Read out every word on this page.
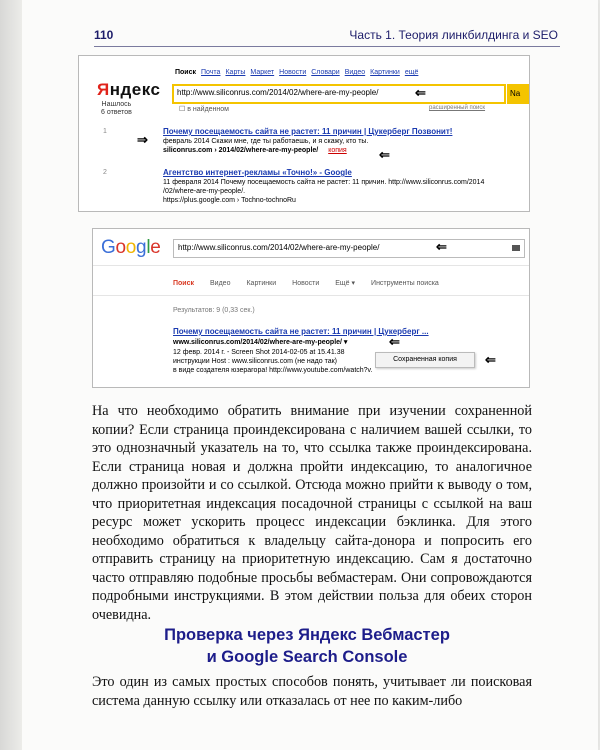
110	Часть 1. Теория линкбилдинга и SEO
Яндекс
Нашлось
6 ответов
Поиск Почта Карты Маркет Новости Словари Видео Картинки ещё
http://www.siliconrus.com/2014/02/where-are-my-people/	⇐	Na
☐ в найденном	расширенный поиск
1	Почему посещаемость сайта не растет: 11 причин | Цукерберг Позвонит!
февраль 2014 Скажи мне, где ты работаешь, и я скажу, кто ты.
siliconrus.com › 2014/02/where-are-my-people/ копия
⇒
⇐
2	Агентство интернет-рекламы «Точно!» - Google
11 февраля 2014 Почему посещаемость сайта не растет: 11 причин. http://www.siliconrus.com/2014
/02/where-are-my-people/.
https://plus.google.com › Tochno-tochnoRu
Google http://www.siliconrus.com/2014/02/where-are-my-people/	⇐
Поиск Видео Картинки Новости Ещё ▾ Инструменты поиска
Результатов: 9 (0,33 сек.)
Почему посещаемость сайта не растет: 11 причин | Цукерберг ...
www.siliconrus.com/2014/02/where-are-my-people/ ▾	⇐
12 февр. 2014 г. - Screen Shot 2014-02-05 at 15.41.38
инструкции Host : www.siliconrus.com (не надо так)
в виде создателя юзерагора! http://www.youtube.com/watch?v.
Сохраненная копия	⇐

На что необходимо обратить внимание при изучении сохраненной копии? Если страница проиндексирована с наличием вашей ссылки, то это однозначный указатель на то, что ссылка также проиндексирована. Если страница новая и должна пройти индексацию, то аналогичное должно произойти и со ссылкой. Отсюда можно прийти к выводу о том, что приоритетная индексация посадочной страницы с ссылкой на ваш ресурс может ускорить процесс индексации бэклинка. Для этого необходимо обратиться к владельцу сайта-донора и попросить его отправить страницу на приоритетную индексацию. Сам я достаточно часто отправляю подобные просьбы вебмастерам. Они сопровождаются подробными инструкциями. В этом действии польза для обеих сторон очевидна.

Проверка через Яндекс Вебмастер
и Google Search Console

Это один из самых простых способов понять, учитывает ли поисковая система данную ссылку или отказалась от нее по каким-либо
